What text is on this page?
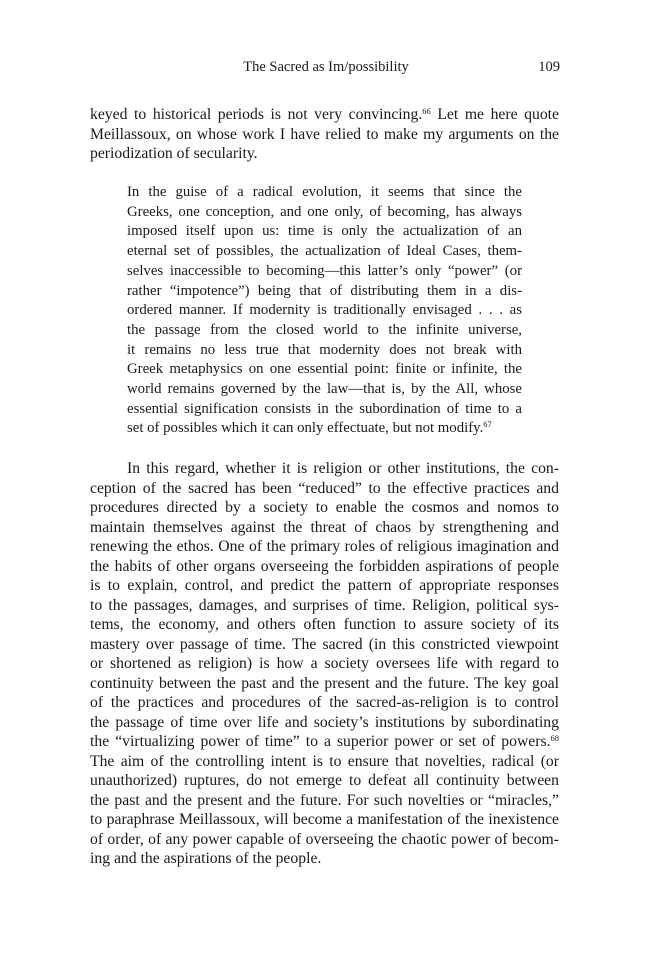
The Sacred as Im/possibility	109
keyed to historical periods is not very convincing.$^{66}$ Let me here quote
Meillassoux, on whose work I have relied to make my arguments on the
periodization of secularity.
In the guise of a radical evolution, it seems that since the
Greeks, one conception, and one only, of becoming, has always
imposed itself upon us: time is only the actualization of an
eternal set of possibles, the actualization of Ideal Cases, them-
selves inaccessible to becoming—this latter’s only “power” (or
rather “impotence”) being that of distributing them in a dis-
ordered manner. If modernity is traditionally envisaged . . . as
the passage from the closed world to the infinite universe,
it remains no less true that modernity does not break with
Greek metaphysics on one essential point: finite or infinite, the
world remains governed by the law—that is, by the All, whose
essential signification consists in the subordination of time to a
set of possibles which it can only effectuate, but not modify.$^{67}$
In this regard, whether it is religion or other institutions, the con-
ception of the sacred has been “reduced” to the effective practices and
procedures directed by a society to enable the cosmos and nomos to
maintain themselves against the threat of chaos by strengthening and
renewing the ethos. One of the primary roles of religious imagination and
the habits of other organs overseeing the forbidden aspirations of people
is to explain, control, and predict the pattern of appropriate responses
to the passages, damages, and surprises of time. Religion, political sys-
tems, the economy, and others often function to assure society of its
mastery over passage of time. The sacred (in this constricted viewpoint
or shortened as religion) is how a society oversees life with regard to
continuity between the past and the present and the future. The key goal
of the practices and procedures of the sacred-as-religion is to control
the passage of time over life and society’s institutions by subordinating
the “virtualizing power of time” to a superior power or set of powers.$^{68}$
The aim of the controlling intent is to ensure that novelties, radical (or
unauthorized) ruptures, do not emerge to defeat all continuity between
the past and the present and the future. For such novelties or “miracles,”
to paraphrase Meillassoux, will become a manifestation of the inexistence
of order, of any power capable of overseeing the chaotic power of becom-
ing and the aspirations of the people.
